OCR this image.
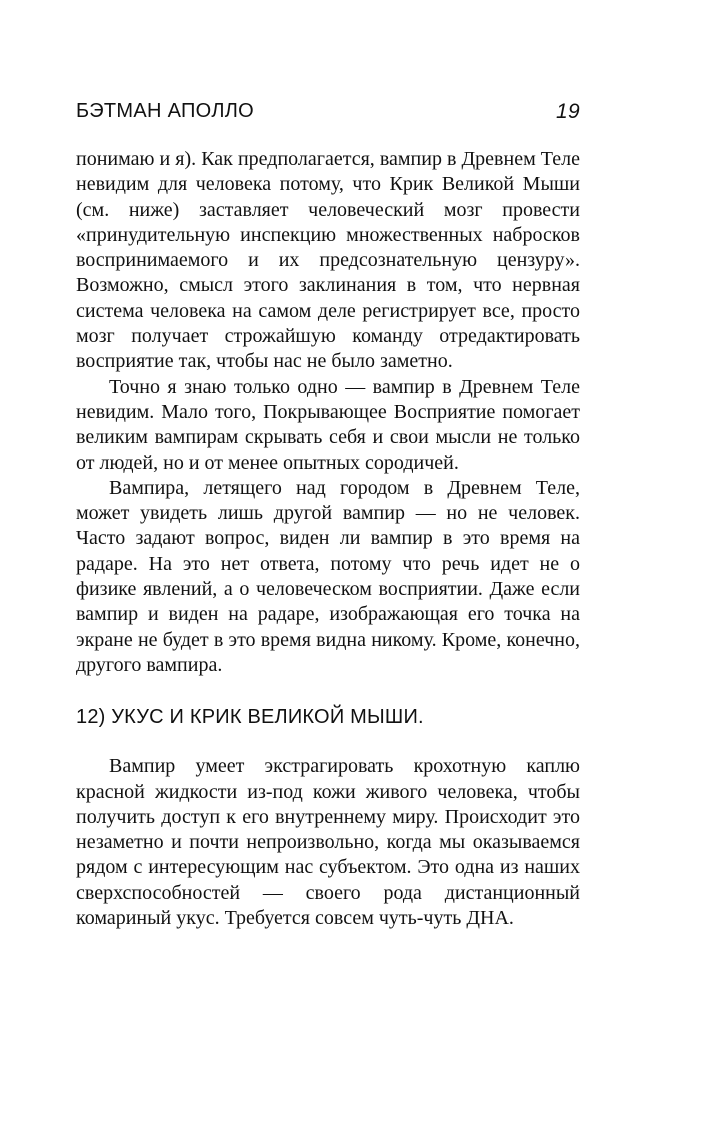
БЭТМАН АПОЛЛО	19

понимаю и я). Как предполагается, вампир в Древнем Теле невидим для человека потому, что Крик Великой Мыши (см. ниже) заставляет человеческий мозг провести «принудительную инспекцию множественных набросков воспринимаемого и их предсознательную цензуру». Возможно, смысл этого заклинания в том, что нервная система человека на самом деле регистрирует все, просто мозг получает строжайшую команду отредактировать восприятие так, чтобы нас не было заметно.

Точно я знаю только одно — вампир в Древнем Теле невидим. Мало того, Покрывающее Восприятие помогает великим вампирам скрывать себя и свои мысли не только от людей, но и от менее опытных сородичей.

Вампира, летящего над городом в Древнем Теле, может увидеть лишь другой вампир — но не человек. Часто задают вопрос, виден ли вампир в это время на радаре. На это нет ответа, потому что речь идет не о физике явлений, а о человеческом восприятии. Даже если вампир и виден на радаре, изображающая его точка на экране не будет в это время видна никому. Кроме, конечно, другого вампира.

12) УКУС И КРИК ВЕЛИКОЙ МЫШИ.

Вампир умеет экстрагировать крохотную каплю красной жидкости из-под кожи живого человека, чтобы получить доступ к его внутреннему миру. Происходит это незаметно и почти непроизвольно, когда мы оказываемся рядом с интересующим нас субъектом. Это одна из наших сверхспособностей — своего рода дистанционный комариный укус. Требуется совсем чуть-чуть ДНА.
